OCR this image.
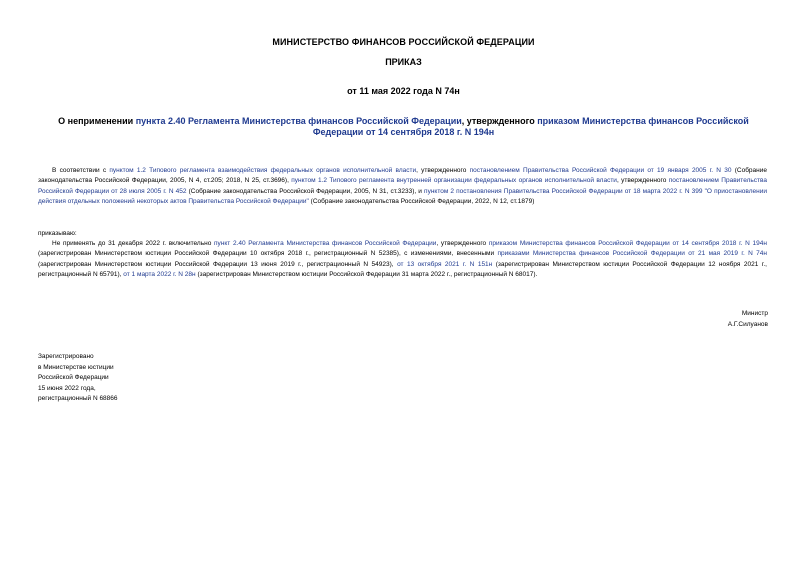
МИНИСТЕРСТВО ФИНАНСОВ РОССИЙСКОЙ ФЕДЕРАЦИИ
ПРИКАЗ
от 11 мая 2022 года N 74н
О неприменении пункта 2.40 Регламента Министерства финансов Российской Федерации, утвержденного приказом Министерства финансов Российской Федерации от 14 сентября 2018 г. N 194н
В соответствии с пунктом 1.2 Типового регламента взаимодействия федеральных органов исполнительной власти, утвержденного постановлением Правительства Российской Федерации от 19 января 2005 г. N 30 (Собрание законодательства Российской Федерации, 2005, N 4, ст.205; 2018, N 25, ст.3696), пунктом 1.2 Типового регламента внутренней организации федеральных органов исполнительной власти, утвержденного постановлением Правительства Российской Федерации от 28 июля 2005 г. N 452 (Собрание законодательства Российской Федерации, 2005, N 31, ст.3233), и пунктом 2 постановления Правительства Российской Федерации от 18 марта 2022 г. N 399 "О приостановлении действия отдельных положений некоторых актов Правительства Российской Федерации" (Собрание законодательства Российской Федерации, 2022, N 12, ст.1879)
приказываю:
Не применять до 31 декабря 2022 г. включительно пункт 2.40 Регламента Министерства финансов Российской Федерации, утвержденного приказом Министерства финансов Российской Федерации от 14 сентября 2018 г. N 194н (зарегистрирован Министерством юстиции Российской Федерации 10 октября 2018 г., регистрационный N 52385), с изменениями, внесенными приказами Министерства финансов Российской Федерации от 21 мая 2019 г. N 74н (зарегистрирован Министерством юстиции Российской Федерации 13 июня 2019 г., регистрационный N 54923), от 13 октября 2021 г. N 151н (зарегистрирован Министерством юстиции Российской Федерации 12 ноября 2021 г., регистрационный N 65791), от 1 марта 2022 г. N 28н (зарегистрирован Министерством юстиции Российской Федерации 31 марта 2022 г., регистрационный N 68017).
Министр
А.Г.Силуанов
Зарегистрировано
в Министерстве юстиции
Российской Федерации
15 июня 2022 года,
регистрационный N 68866
